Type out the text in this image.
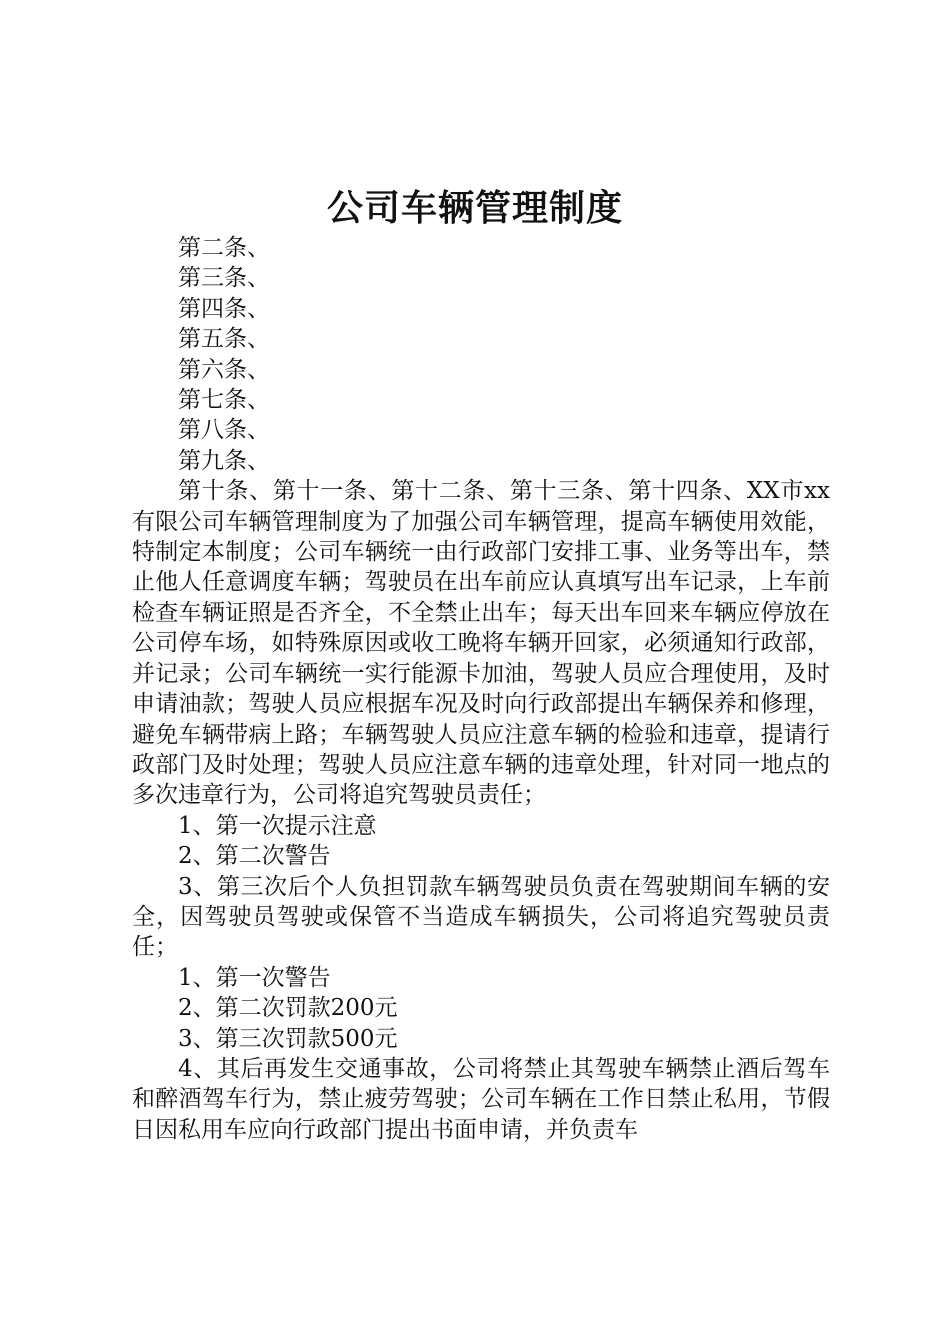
公司车辆管理制度

第二条、

第三条、

第四条、

第五条、

第六条、

第七条、

第八条、

第九条、

第十条、第十一条、第十二条、第十三条、第十四条、XX市xx有限公司车辆管理制度为了加强公司车辆管理，提高车辆使用效能，特制定本制度；公司车辆统一由行政部门安排工事、业务等出车，禁止他人任意调度车辆；驾驶员在出车前应认真填写出车记录，上车前检查车辆证照是否齐全，不全禁止出车；每天出车回来车辆应停放在公司停车场，如特殊原因或收工晚将车辆开回家，必须通知行政部，并记录；公司车辆统一实行能源卡加油，驾驶人员应合理使用，及时申请油款；驾驶人员应根据车况及时向行政部提出车辆保养和修理，避免车辆带病上路；车辆驾驶人员应注意车辆的检验和违章，提请行政部门及时处理；驾驶人员应注意车辆的违章处理，针对同一地点的多次违章行为，公司将追究驾驶员责任；

1、第一次提示注意

2、第二次警告

3、第三次后个人负担罚款车辆驾驶员负责在驾驶期间车辆的安全，因驾驶员驾驶或保管不当造成车辆损失，公司将追究驾驶员责任；

1、第一次警告

2、第二次罚款200元

3、第三次罚款500元

4、其后再发生交通事故，公司将禁止其驾驶车辆禁止酒后驾车和醉酒驾车行为，禁止疲劳驾驶；公司车辆在工作日禁止私用，节假日因私用车应向行政部门提出书面申请，并负责车
